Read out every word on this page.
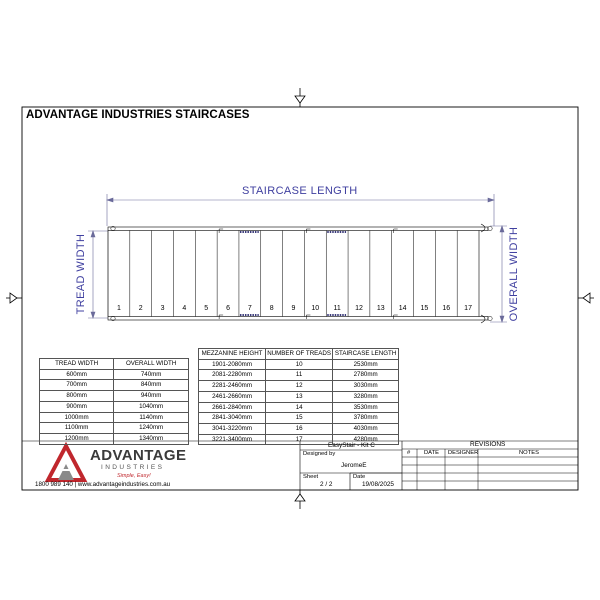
ADVANTAGE INDUSTRIES STAIRCASES
STAIRCASE LENGTH
TREAD WIDTH	OVERALL WIDTH
1	2	3	4	5	6	7	8	9	10	11	12	13	14	15	16	17
TREAD WIDTH	OVERALL WIDTH
600mm	740mm
700mm	840mm
800mm	940mm
900mm	1040mm
1000mm	1140mm
1100mm	1240mm
1200mm	1340mm
MEZZANINE HEIGHT	NUMBER OF TREADS	STAIRCASE LENGTH
1901-2080mm	10	2530mm
2081-2280mm	11	2780mm
2281-2460mm	12	3030mm
2461-2660mm	13	3280mm
2661-2840mm	14	3530mm
2841-3040mm	15	3780mm
3041-3220mm	16	4030mm
3221-3400mm	17	4280mm
EasyStair - Kit C
Designed by
JeromeE
Sheet
2 / 2
Date
19/08/2025
REVISIONS
# DATE DESIGNER	NOTES
ADVANTAGE
INDUSTRIES
Simple, Easy!
1800 989 140 | www.advantageindustries.com.au
